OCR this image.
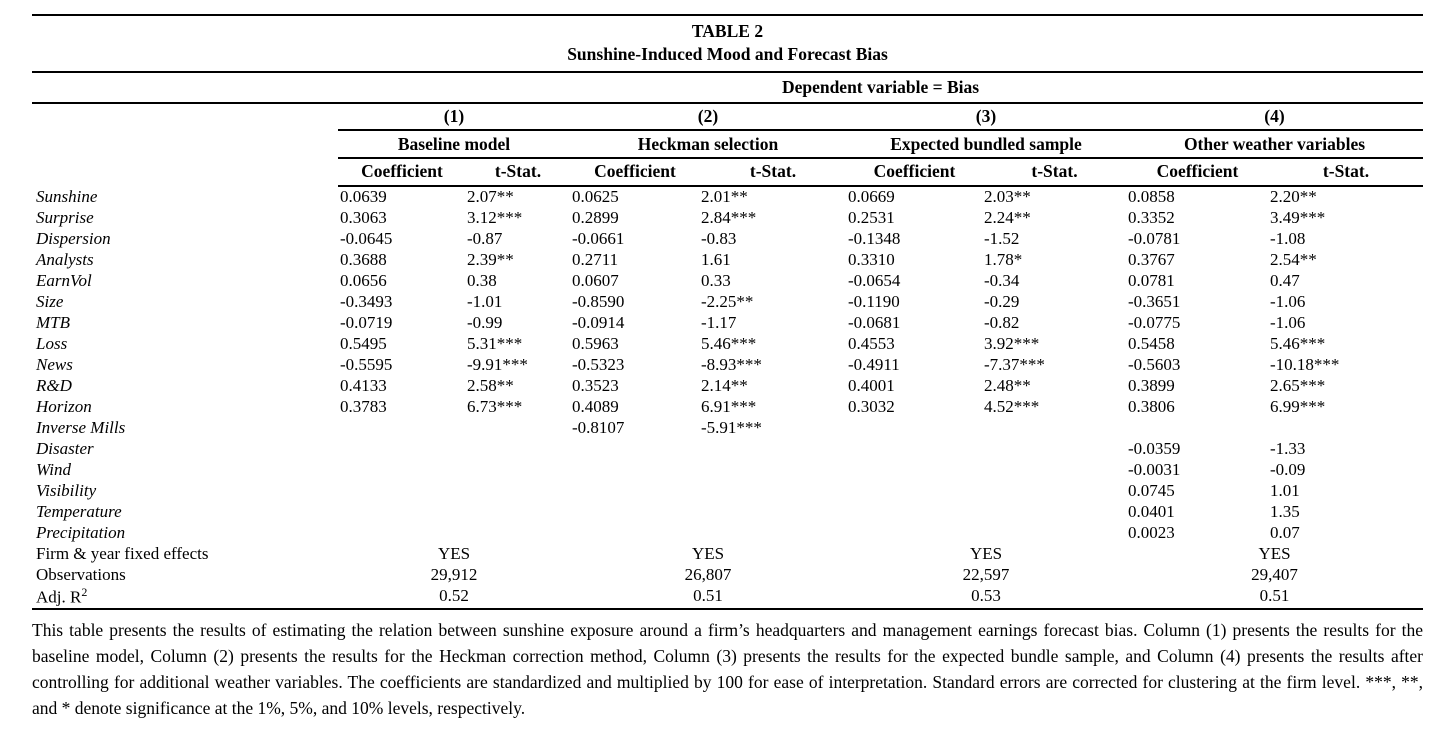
TABLE 2
Sunshine-Induced Mood and Forecast Bias
	Dependent variable = Bias							
	(1)		(2)		(3)		(4)	
	Baseline model		Heckman selection		Expected bundled sample		Other weather variables	
	Coefficient	t-Stat.	Coefficient	t-Stat.	Coefficient	t-Stat.	Coefficient	t-Stat.
Sunshine	0.0639	2.07**	0.0625	2.01**	0.0669	2.03**	0.0858	2.20**
Surprise	0.3063	3.12***	0.2899	2.84***	0.2531	2.24**	0.3352	3.49***
Dispersion	-0.0645	-0.87	-0.0661	-0.83	-0.1348	-1.52	-0.0781	-1.08
Analysts	0.3688	2.39**	0.2711	1.61	0.3310	1.78*	0.3767	2.54**
EarnVol	0.0656	0.38	0.0607	0.33	-0.0654	-0.34	0.0781	0.47
Size	-0.3493	-1.01	-0.8590	-2.25**	-0.1190	-0.29	-0.3651	-1.06
MTB	-0.0719	-0.99	-0.0914	-1.17	-0.0681	-0.82	-0.0775	-1.06
Loss	0.5495	5.31***	0.5963	5.46***	0.4553	3.92***	0.5458	5.46***
News	-0.5595	-9.91***	-0.5323	-8.93***	-0.4911	-7.37***	-0.5603	-10.18***
R&D	0.4133	2.58**	0.3523	2.14**	0.4001	2.48**	0.3899	2.65***
Horizon	0.3783	6.73***	0.4089	6.91***	0.3032	4.52***	0.3806	6.99***
Inverse Mills			-0.8107	-5.91***				
Disaster							-0.0359	-1.33
Wind							-0.0031	-0.09
Visibility							0.0745	1.01
Temperature							0.0401	1.35
Precipitation							0.0023	0.07
Firm & year fixed effects	YES		YES		YES		YES	
Observations	29,912		26,807		22,597		29,407	
Adj. $R^2$	0.52		0.51		0.53		0.51	
This table presents the results of estimating the relation between sunshine exposure around a firm’s headquarters and management earnings forecast bias. Column (1) presents the results for the baseline model, Column (2) presents the results for the Heckman correction method, Column (3) presents the results for the expected bundle sample, and Column (4) presents the results after controlling for additional weather variables. The coefficients are standardized and multiplied by 100 for ease of interpretation. Standard errors are corrected for clustering at the firm level. ***, **, and * denote significance at the 1%, 5%, and 10% levels, respectively.
